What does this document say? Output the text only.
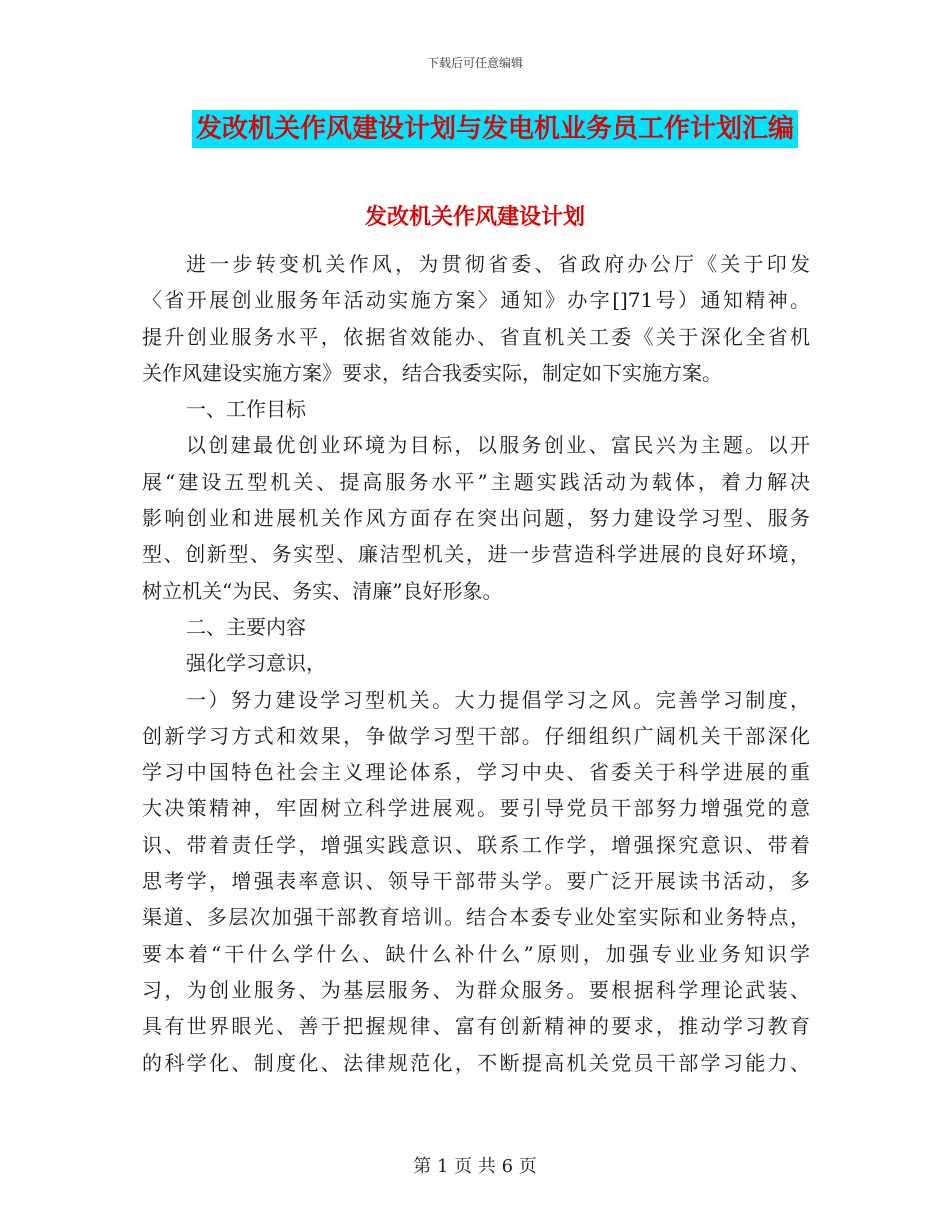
下载后可任意编辑
发改机关作风建设计划与发电机业务员工作计划汇编
发改机关作风建设计划
进一步转变机关作风，为贯彻省委、省政府办公厅《关于印发
〈省开展创业服务年活动实施方案〉通知》办字[]71号）通知精神。
提升创业服务水平，依据省效能办、省直机关工委《关于深化全省机
关作风建设实施方案》要求，结合我委实际，制定如下实施方案。
一、工作目标
以创建最优创业环境为目标，以服务创业、富民兴为主题。以开
展“建设五型机关、提高服务水平”主题实践活动为载体，着力解决
影响创业和进展机关作风方面存在突出问题，努力建设学习型、服务
型、创新型、务实型、廉洁型机关，进一步营造科学进展的良好环境，
树立机关“为民、务实、清廉”良好形象。
二、主要内容
强化学习意识，
一）努力建设学习型机关。大力提倡学习之风。完善学习制度，
创新学习方式和效果，争做学习型干部。仔细组织广阔机关干部深化
学习中国特色社会主义理论体系，学习中央、省委关于科学进展的重
大决策精神，牢固树立科学进展观。要引导党员干部努力增强党的意
识、带着责任学，增强实践意识、联系工作学，增强探究意识、带着
思考学，增强表率意识、领导干部带头学。要广泛开展读书活动，多
渠道、多层次加强干部教育培训。结合本委专业处室实际和业务特点，
要本着“干什么学什么、缺什么补什么”原则，加强专业业务知识学
习，为创业服务、为基层服务、为群众服务。要根据科学理论武装、
具有世界眼光、善于把握规律、富有创新精神的要求，推动学习教育
的科学化、制度化、法律规范化，不断提高机关党员干部学习能力、
第 1 页 共 6 页
